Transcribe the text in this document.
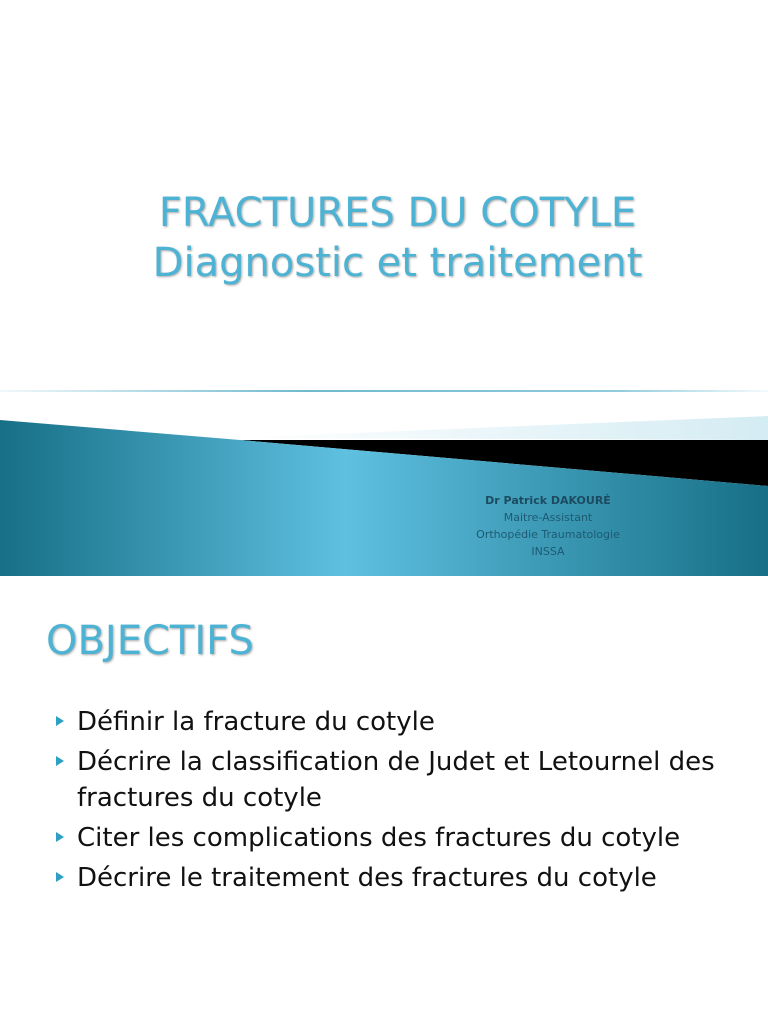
FRACTURES DU COTYLE
Diagnostic et traitement
Dr Patrick DAKOURÉ
Maitre-Assistant
Orthopédie Traumatologie
INSSA
OBJECTIFS
Définir la fracture du cotyle
Décrire la classification de Judet et Letournel des fractures du cotyle
Citer les complications des fractures du cotyle
Décrire le traitement des fractures du cotyle
